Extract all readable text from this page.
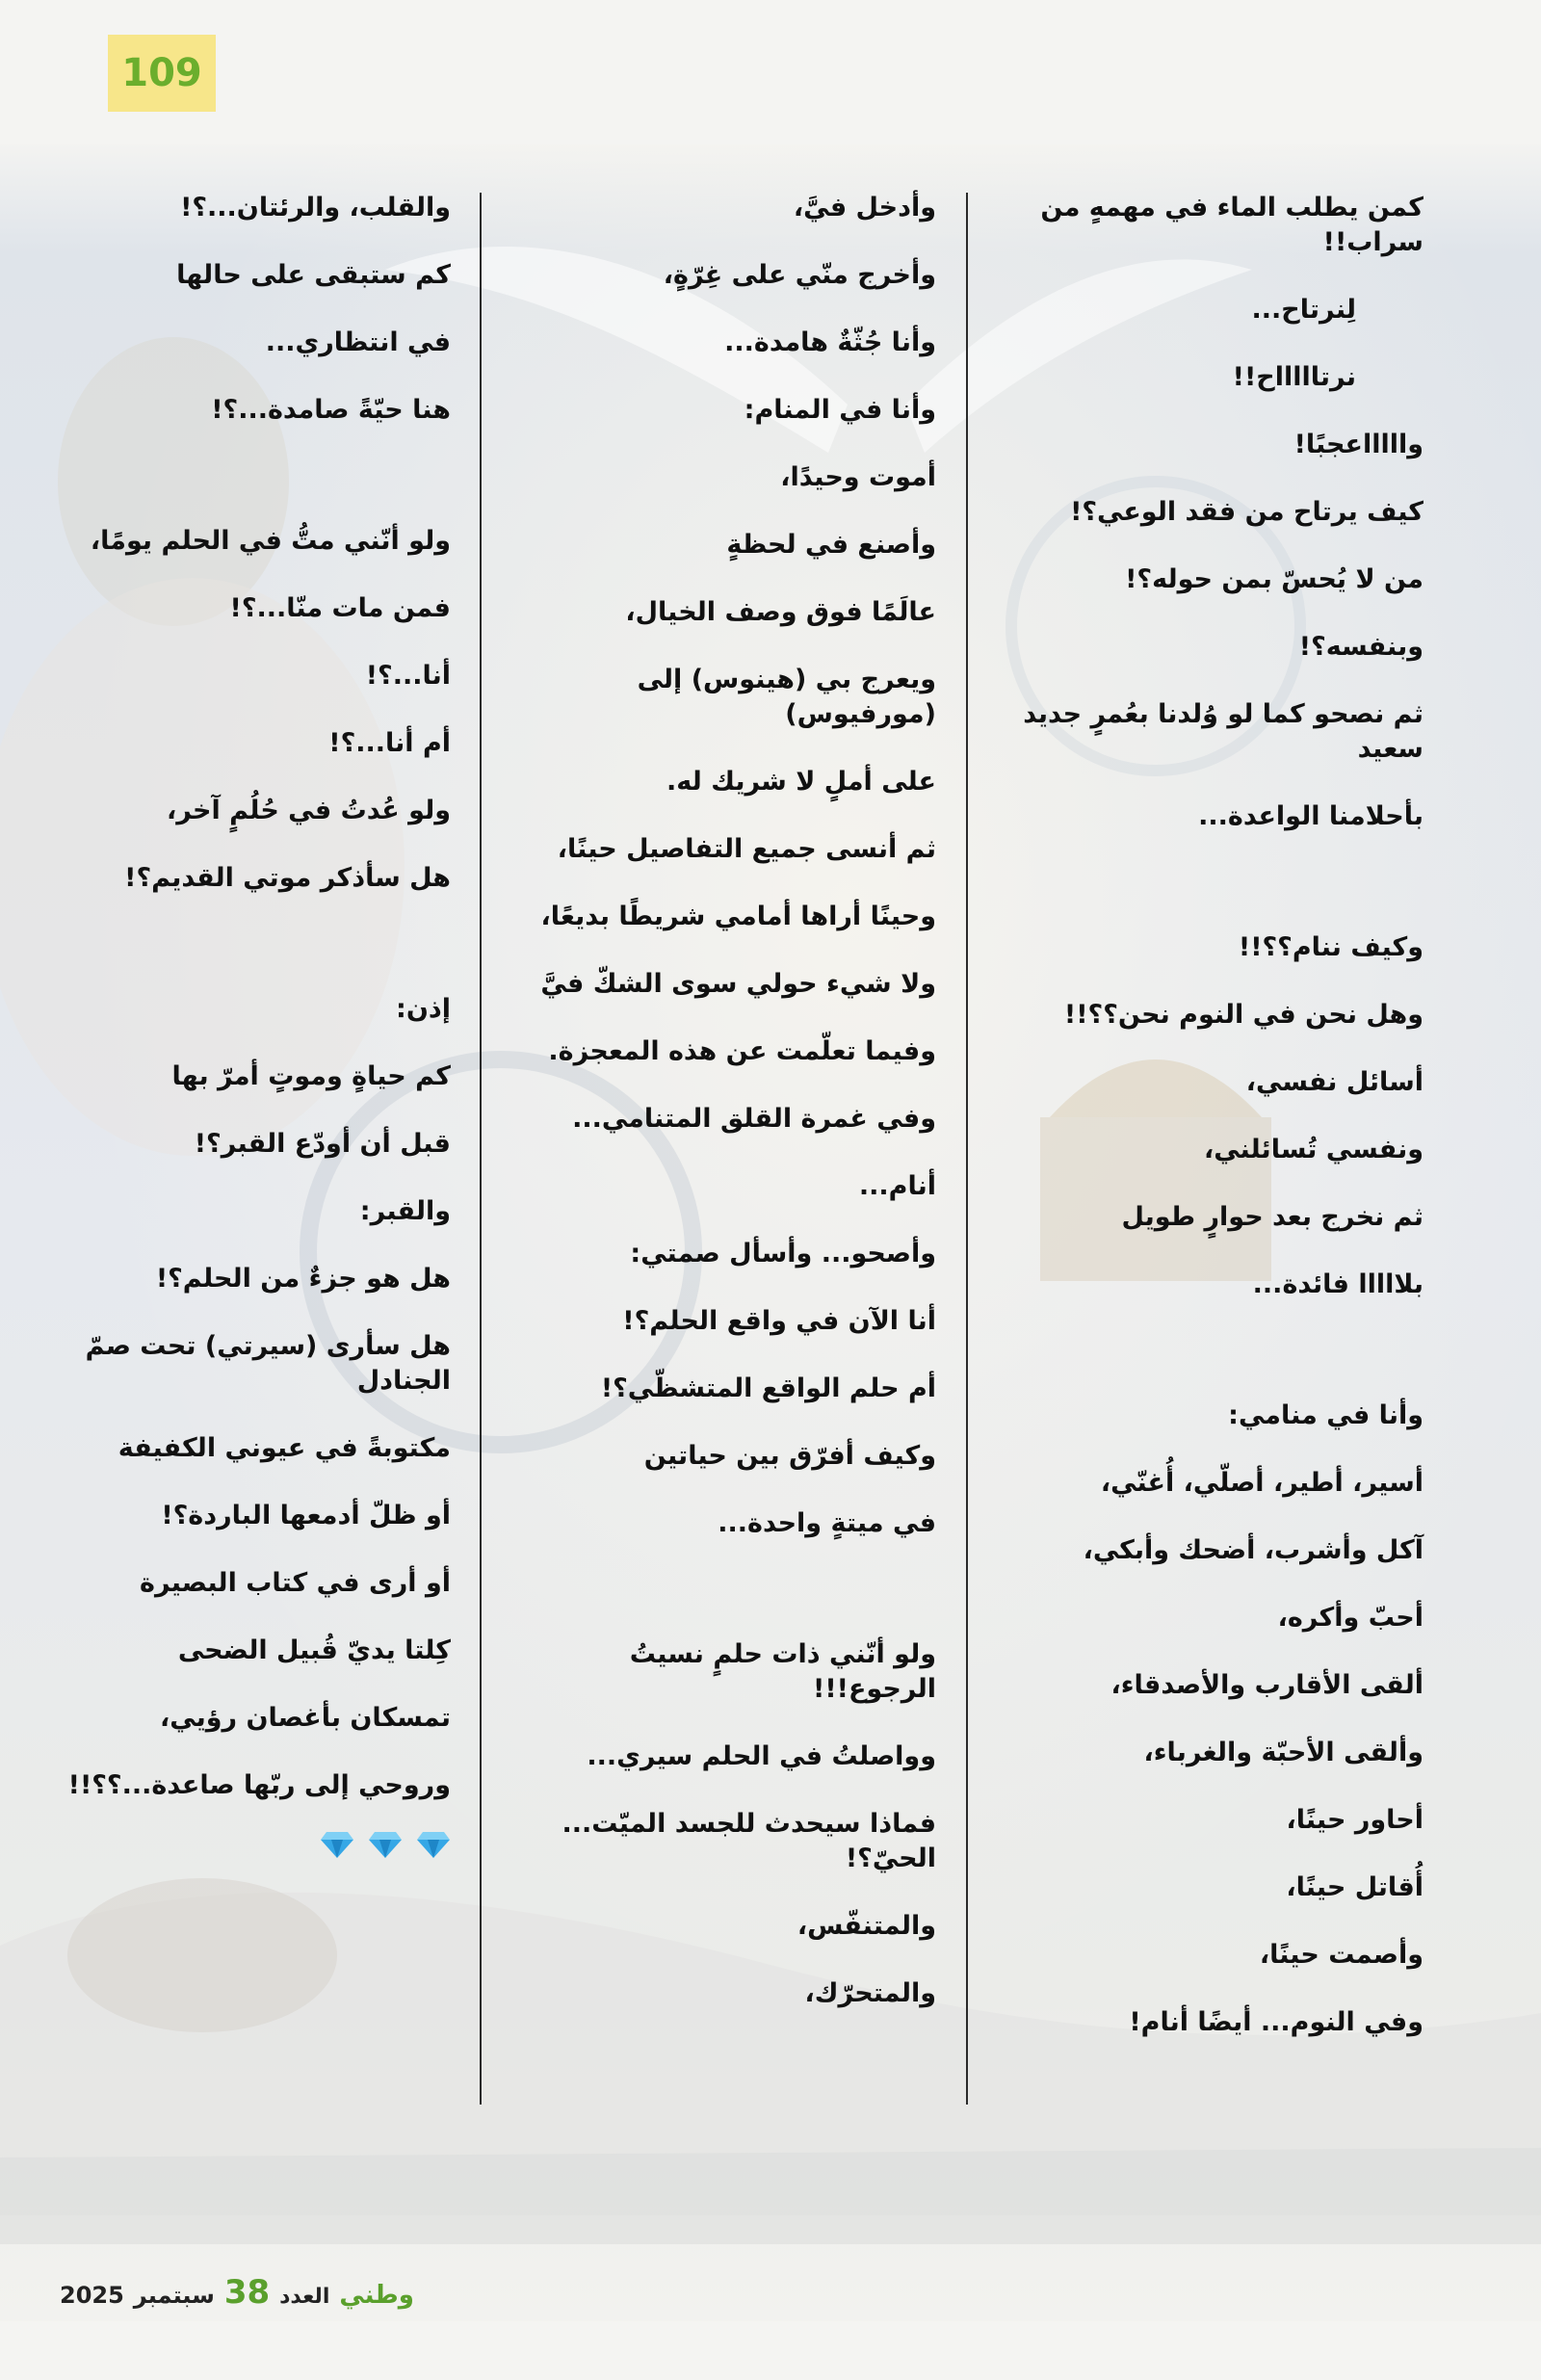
109
كمن يطلب الماء في مهمهٍ من سراب!!
لِنرتاح...
نرتاااااح!!
واااااعجبًا!
كيف يرتاح من فقد الوعي؟!
من لا يُحسّ بمن حوله؟!
وبنفسه؟!
ثم نصحو كما لو وُلدنا بعُمرٍ جديد سعيد
بأحلامنا الواعدة...
وكيف ننام؟؟!!
وهل نحن في النوم نحن؟؟!!
أسائل نفسي،
ونفسي تُسائلني،
ثم نخرج بعد حوارٍ طويل
بلااااا فائدة...
وأنا في منامي:
أسير، أطير، أصلّي، أُغنّي،
آكل وأشرب، أضحك وأبكي،
أحبّ وأكره،
ألقى الأقارب والأصدقاء،
وألقى الأحبّة والغرباء،
أحاور حينًا،
أُقاتل حينًا،
وأصمت حينًا،
وفي النوم... أيضًا أنام!
وأدخل فيَّ،
وأخرج منّي على غِرّةٍ،
وأنا جُثّةٌ هامدة...
وأنا في المنام:
أموت وحيدًا،
وأصنع في لحظةٍ
عالَمًا فوق وصف الخيال،
ويعرج بي (هينوس) إلى (مورفيوس)
على أملٍ لا شريك له.
ثم أنسى جميع التفاصيل حينًا،
وحينًا أراها أمامي شريطًا بديعًا،
ولا شيء حولي سوى الشكّ فيَّ
وفيما تعلّمت عن هذه المعجزة.
وفي غمرة القلق المتنامي...
أنام...
وأصحو... وأسأل صمتي:
أنا الآن في واقع الحلم؟!
أم حلم الواقع المتشظّي؟!
وكيف أفرّق بين حياتين
في ميتةٍ واحدة...
ولو أنّني ذات حلمٍ نسيتُ الرجوع!!!
وواصلتُ في الحلم سيري...
فماذا سيحدث للجسد الميّت... الحيّ؟!
والمتنفّس،
والمتحرّك،
والقلب، والرئتان...؟!
كم ستبقى على حالها
في انتظاري...
هنا حيّةً صامدة...؟!
ولو أنّني متُّ في الحلم يومًا،
فمن مات منّا...؟!
أنا...؟!
أم أنا...؟!
ولو عُدتُ في حُلُمٍ آخر،
هل سأذكر موتي القديم؟!
إذن:
كم حياةٍ وموتٍ أمرّ بها
قبل أن أودّع القبر؟!
والقبر:
هل هو جزءٌ من الحلم؟!
هل سأرى (سيرتي) تحت صمّ الجنادل
مكتوبةً في عيوني الكفيفة
أو ظلّ أدمعها الباردة؟!
أو أرى في كتاب البصيرة
كِلتا يديّ قُبيل الضحى
تمسكان بأغصان رؤيي،
وروحي إلى ربّها صاعدة...؟؟!!
2025 سبتمبر 38 العدد وطني
